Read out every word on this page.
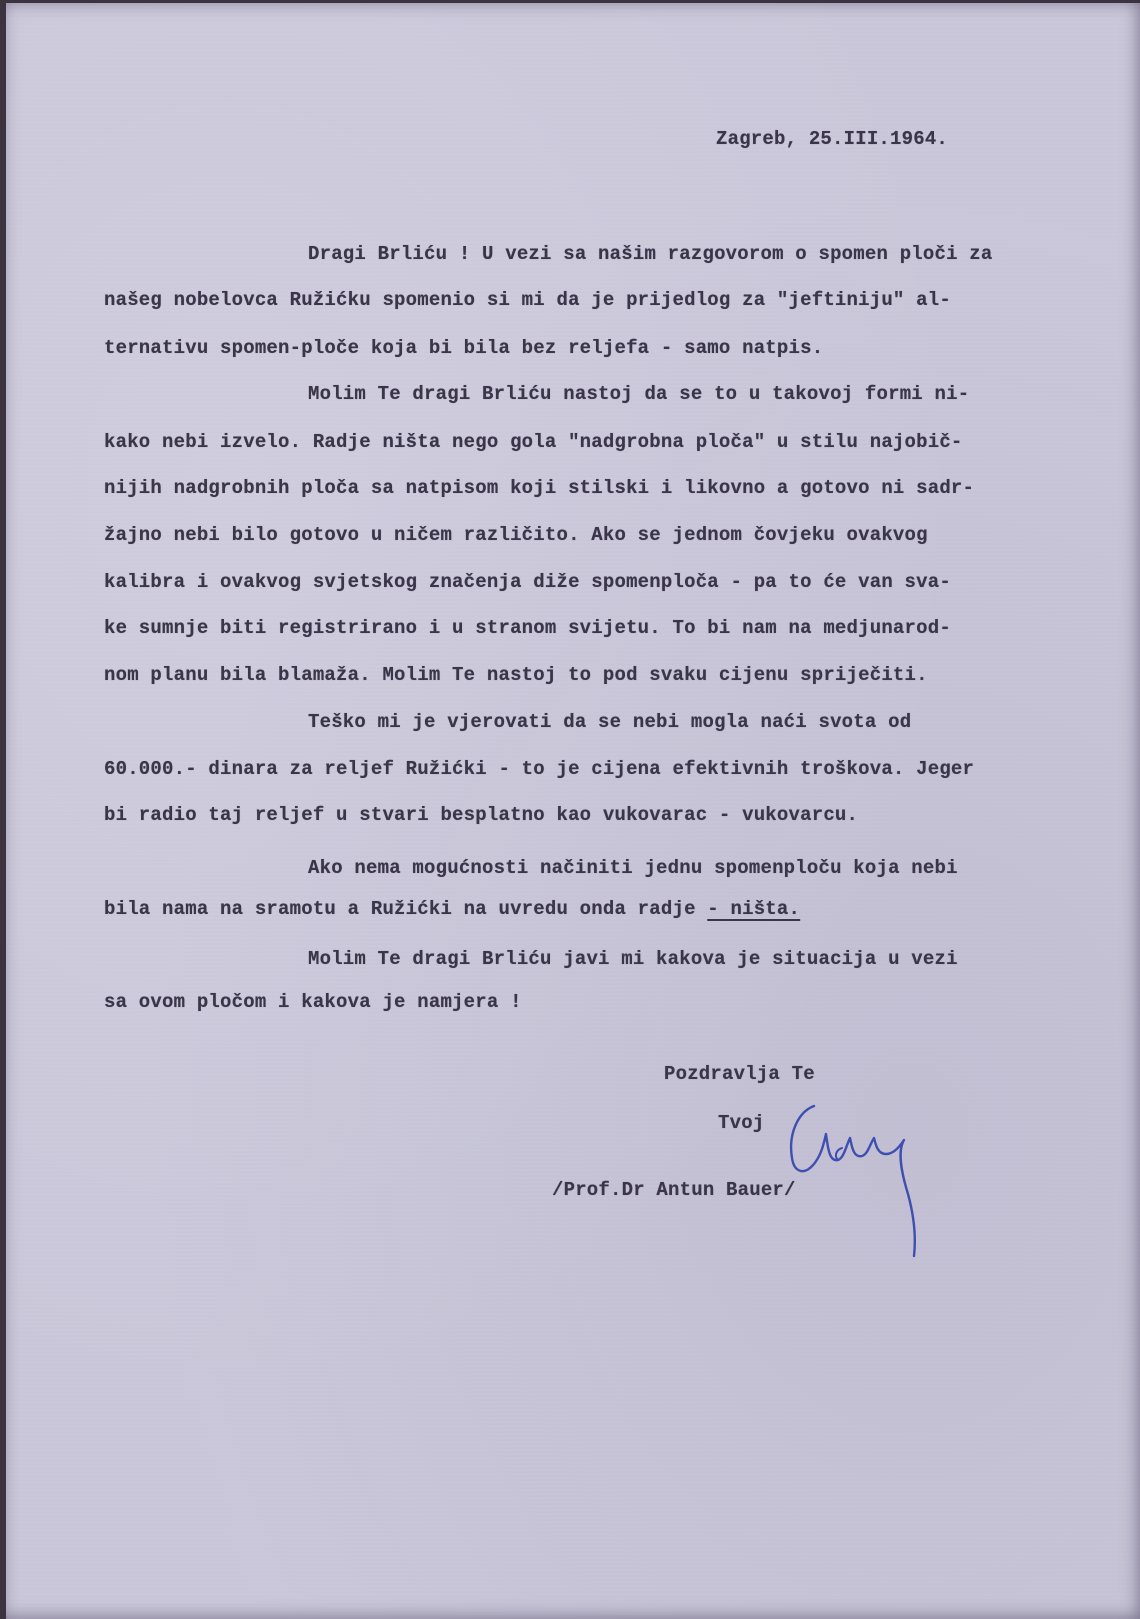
Zagreb, 25.III.1964.
Dragi Brliću ! U vezi sa našim razgovorom o spomen ploči za
našeg nobelovca Ružićku spomenio si mi da je prijedlog za "jeftiniju" al-
ternativu spomen-ploče koja bi bila bez reljefa - samo natpis.
Molim Te dragi Brliću nastoj da se to u takovoj formi ni-
kako nebi izvelo. Radje ništa nego gola "nadgrobna ploča" u stilu najobič-
nijih nadgrobnih ploča sa natpisom koji stilski i likovno a gotovo ni sadr-
žajno nebi bilo gotovo u ničem različito. Ako se jednom čovjeku ovakvog
kalibra i ovakvog svjetskog značenja diže spomenploča - pa to će van sva-
ke sumnje biti registrirano i u stranom svijetu. To bi nam na medjunarod-
nom planu bila blamaža. Molim Te nastoj to pod svaku cijenu spriječiti.
Teško mi je vjerovati da se nebi mogla naći svota od
60.000.- dinara za reljef Ružićki - to je cijena efektivnih troškova. Jeger
bi radio taj reljef u stvari besplatno kao vukovarac - vukovarcu.
Ako nema mogućnosti načiniti jednu spomenploču koja nebi
bila nama na sramotu a Ružićki na uvredu onda radje - ništa.
Molim Te dragi Brliću javi mi kakova je situacija u vezi
sa ovom pločom i kakova je namjera !
Pozdravlja Te
Tvoj
/Prof.Dr Antun Bauer/
